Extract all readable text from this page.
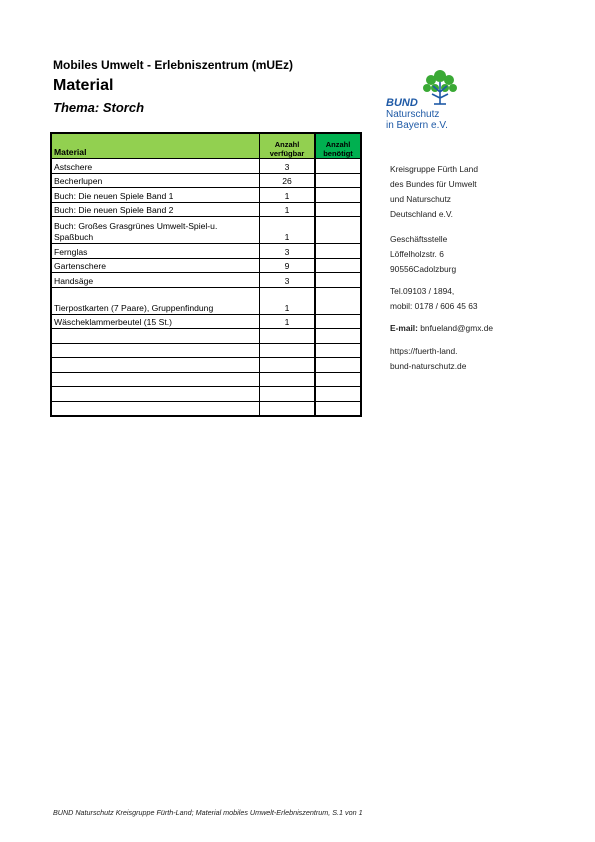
Mobiles Umwelt - Erlebniszentrum (mUEz)
Material
Thema: Storch	BUND
Naturschutz
in Bayern e.V.
Material	Anzahl verfügbar	Anzahl benötigt
Astschere	3	
Becherlupen	26	
Buch: Die neuen Spiele Band 1	1	
Buch: Die neuen Spiele Band 2	1	
Buch: Großes Grasgrünes Umwelt-Spiel-u. Spaßbuch	1	
Fernglas	3	
Gartenschere	9	
Handsäge	3	
Tierpostkarten (7 Paare), Gruppenfindung	1	
Wäscheklammerbeutel (15 St.)	1	

Kreisgruppe Fürth Land
des Bundes für Umwelt
und Naturschutz
Deutschland e.V.
Geschäftsstelle
Löffelholzstr. 6
90556Cadolzburg
Tel.09103 / 1894,
mobil: 0178 / 606 45 63
E-mail: bnfueland@gmx.de
https://fuerth-land.
bund-naturschutz.de
BUND Naturschutz Kreisgruppe Fürth-Land; Material mobiles Umwelt-Erlebniszentrum, S.1 von 1
